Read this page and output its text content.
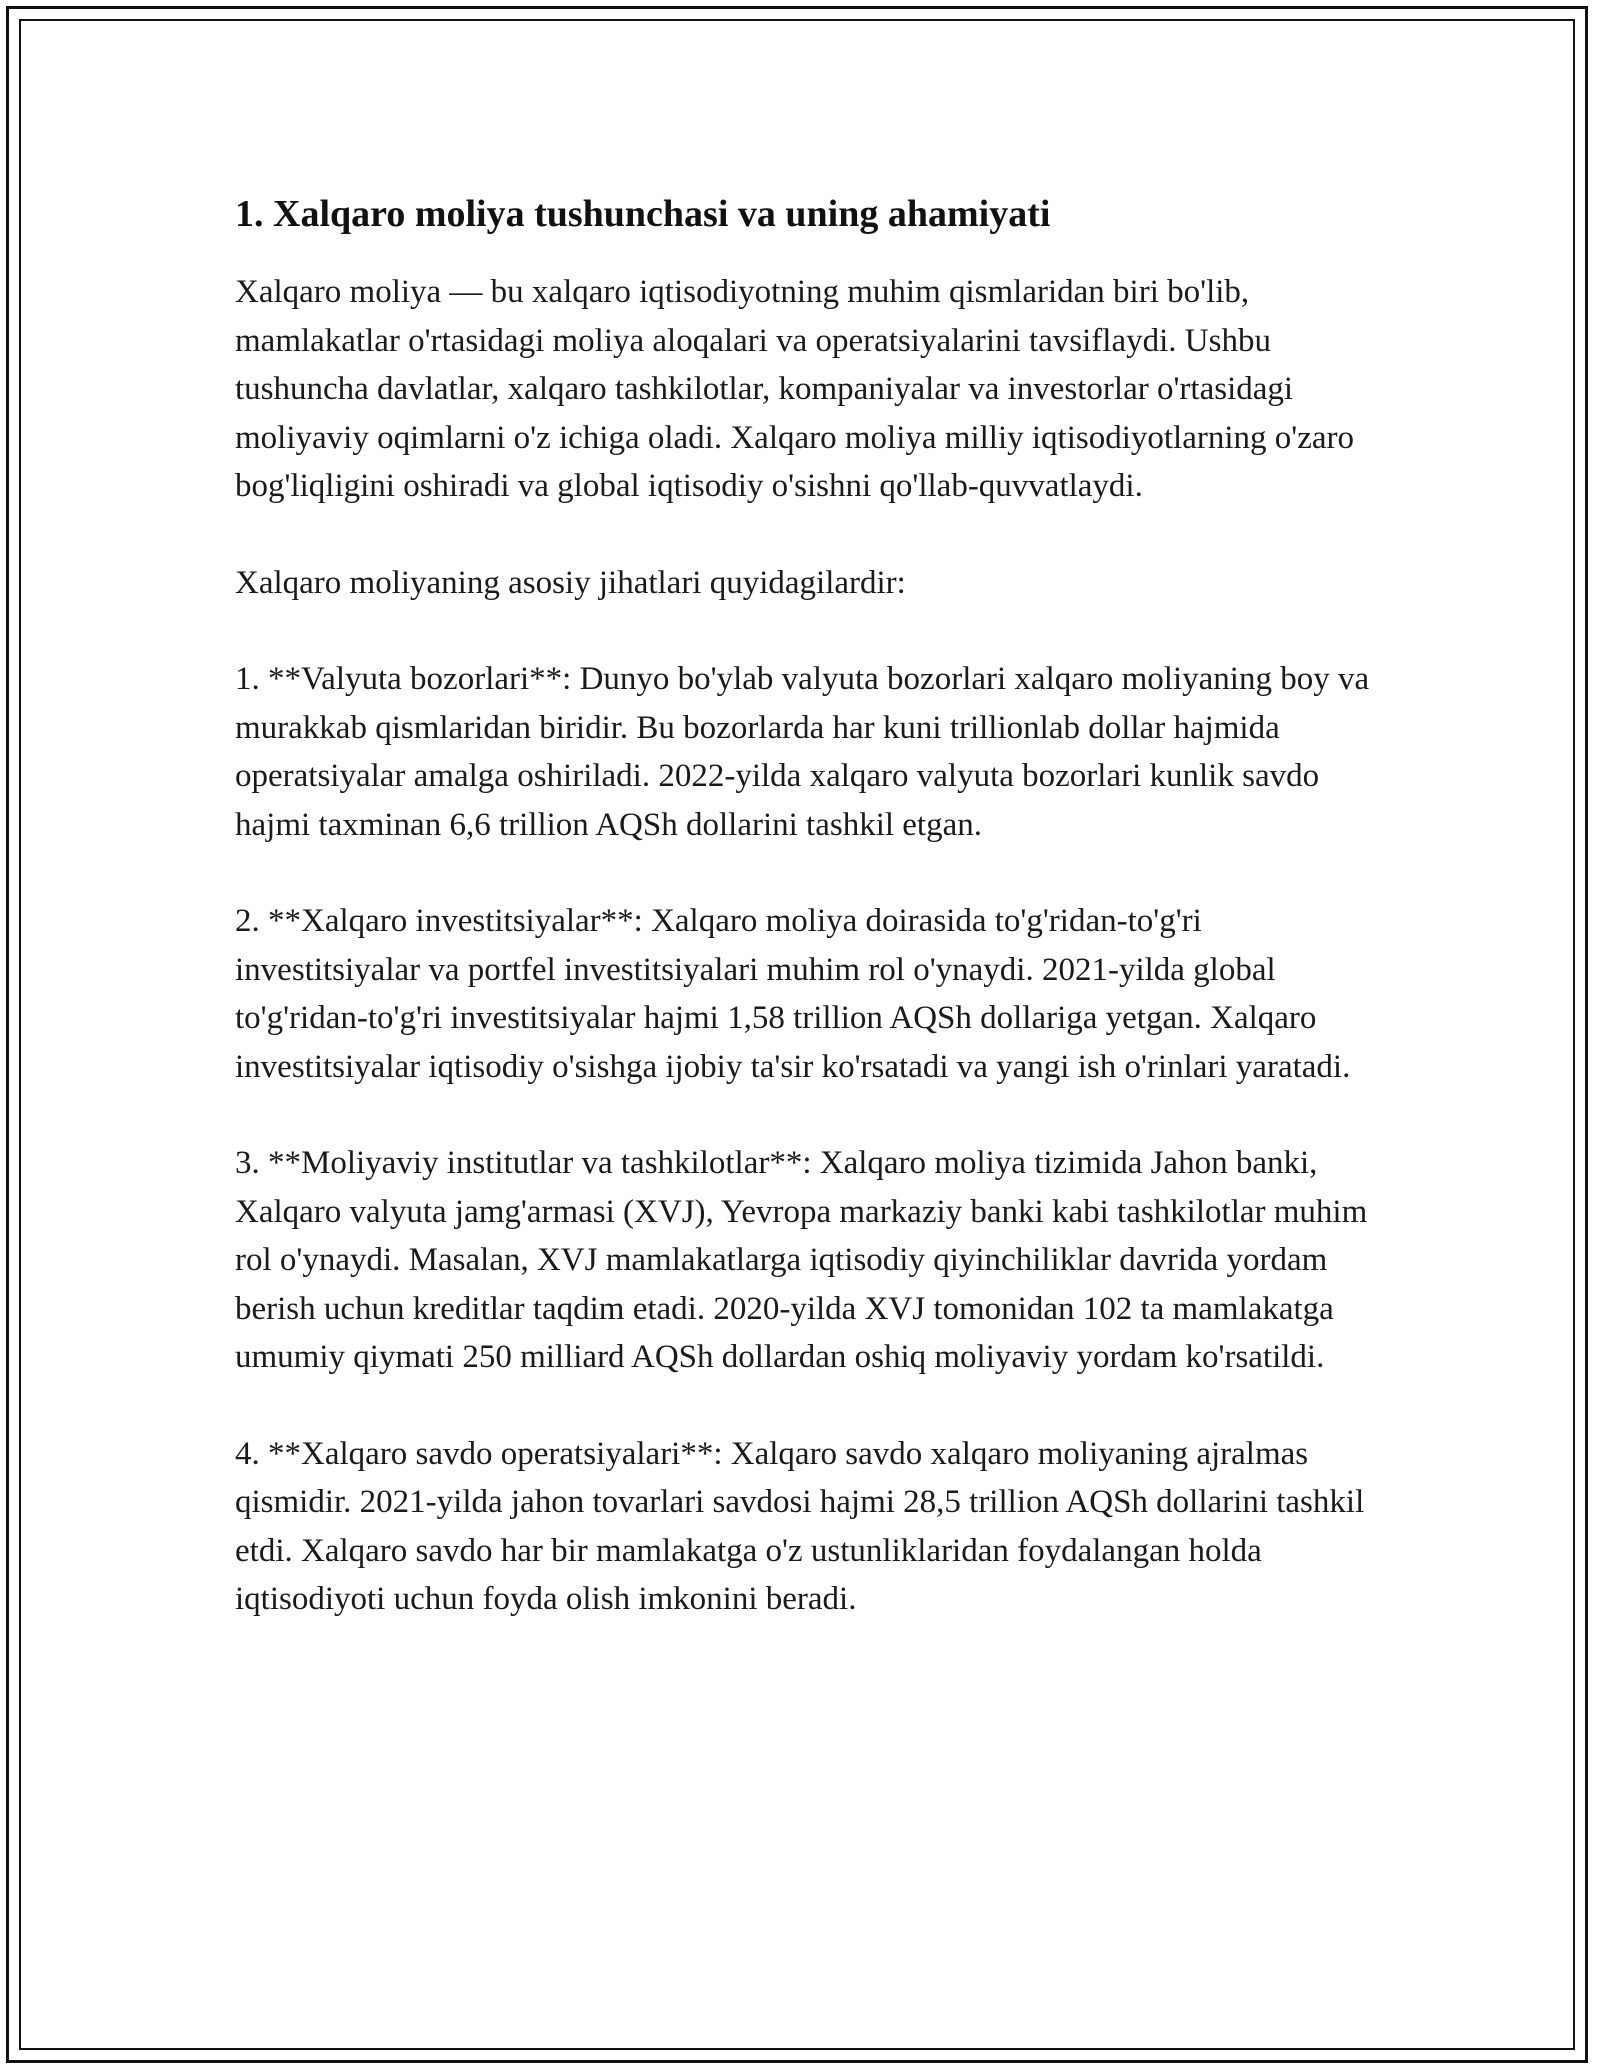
1. Xalqaro moliya tushunchasi va uning ahamiyati

Xalqaro moliya — bu xalqaro iqtisodiyotning muhim qismlaridan biri bo'lib, mamlakatlar o'rtasidagi moliya aloqalari va operatsiyalarini tavsiflaydi. Ushbu tushuncha davlatlar, xalqaro tashkilotlar, kompaniyalar va investorlar o'rtasidagi moliyaviy oqimlarni o'z ichiga oladi. Xalqaro moliya milliy iqtisodiyotlarning o'zaro bog'liqligini oshiradi va global iqtisodiy o'sishni qo'llab-quvvatlaydi.

Xalqaro moliyaning asosiy jihatlari quyidagilardir:

1. **Valyuta bozorlari**: Dunyo bo'ylab valyuta bozorlari xalqaro moliyaning boy va murakkab qismlaridan biridir. Bu bozorlarda har kuni trillionlab dollar hajmida operatsiyalar amalga oshiriladi. 2022-yilda xalqaro valyuta bozorlari kunlik savdo hajmi taxminan 6,6 trillion AQSh dollarini tashkil etgan.

2. **Xalqaro investitsiyalar**: Xalqaro moliya doirasida to'g'ridan-to'g'ri investitsiyalar va portfel investitsiyalari muhim rol o'ynaydi. 2021-yilda global to'g'ridan-to'g'ri investitsiyalar hajmi 1,58 trillion AQSh dollariga yetgan. Xalqaro investitsiyalar iqtisodiy o'sishga ijobiy ta'sir ko'rsatadi va yangi ish o'rinlari yaratadi.

3. **Moliyaviy institutlar va tashkilotlar**: Xalqaro moliya tizimida Jahon banki, Xalqaro valyuta jamg'armasi (XVJ), Yevropa markaziy banki kabi tashkilotlar muhim rol o'ynaydi. Masalan, XVJ mamlakatlarga iqtisodiy qiyinchiliklar davrida yordam berish uchun kreditlar taqdim etadi. 2020-yilda XVJ tomonidan 102 ta mamlakatga umumiy qiymati 250 milliard AQSh dollardan oshiq moliyaviy yordam ko'rsatildi.

4. **Xalqaro savdo operatsiyalari**: Xalqaro savdo xalqaro moliyaning ajralmas qismidir. 2021-yilda jahon tovarlari savdosi hajmi 28,5 trillion AQSh dollarini tashkil etdi. Xalqaro savdo har bir mamlakatga o'z ustunliklaridan foydalangan holda iqtisodiyoti uchun foyda olish imkonini beradi.
